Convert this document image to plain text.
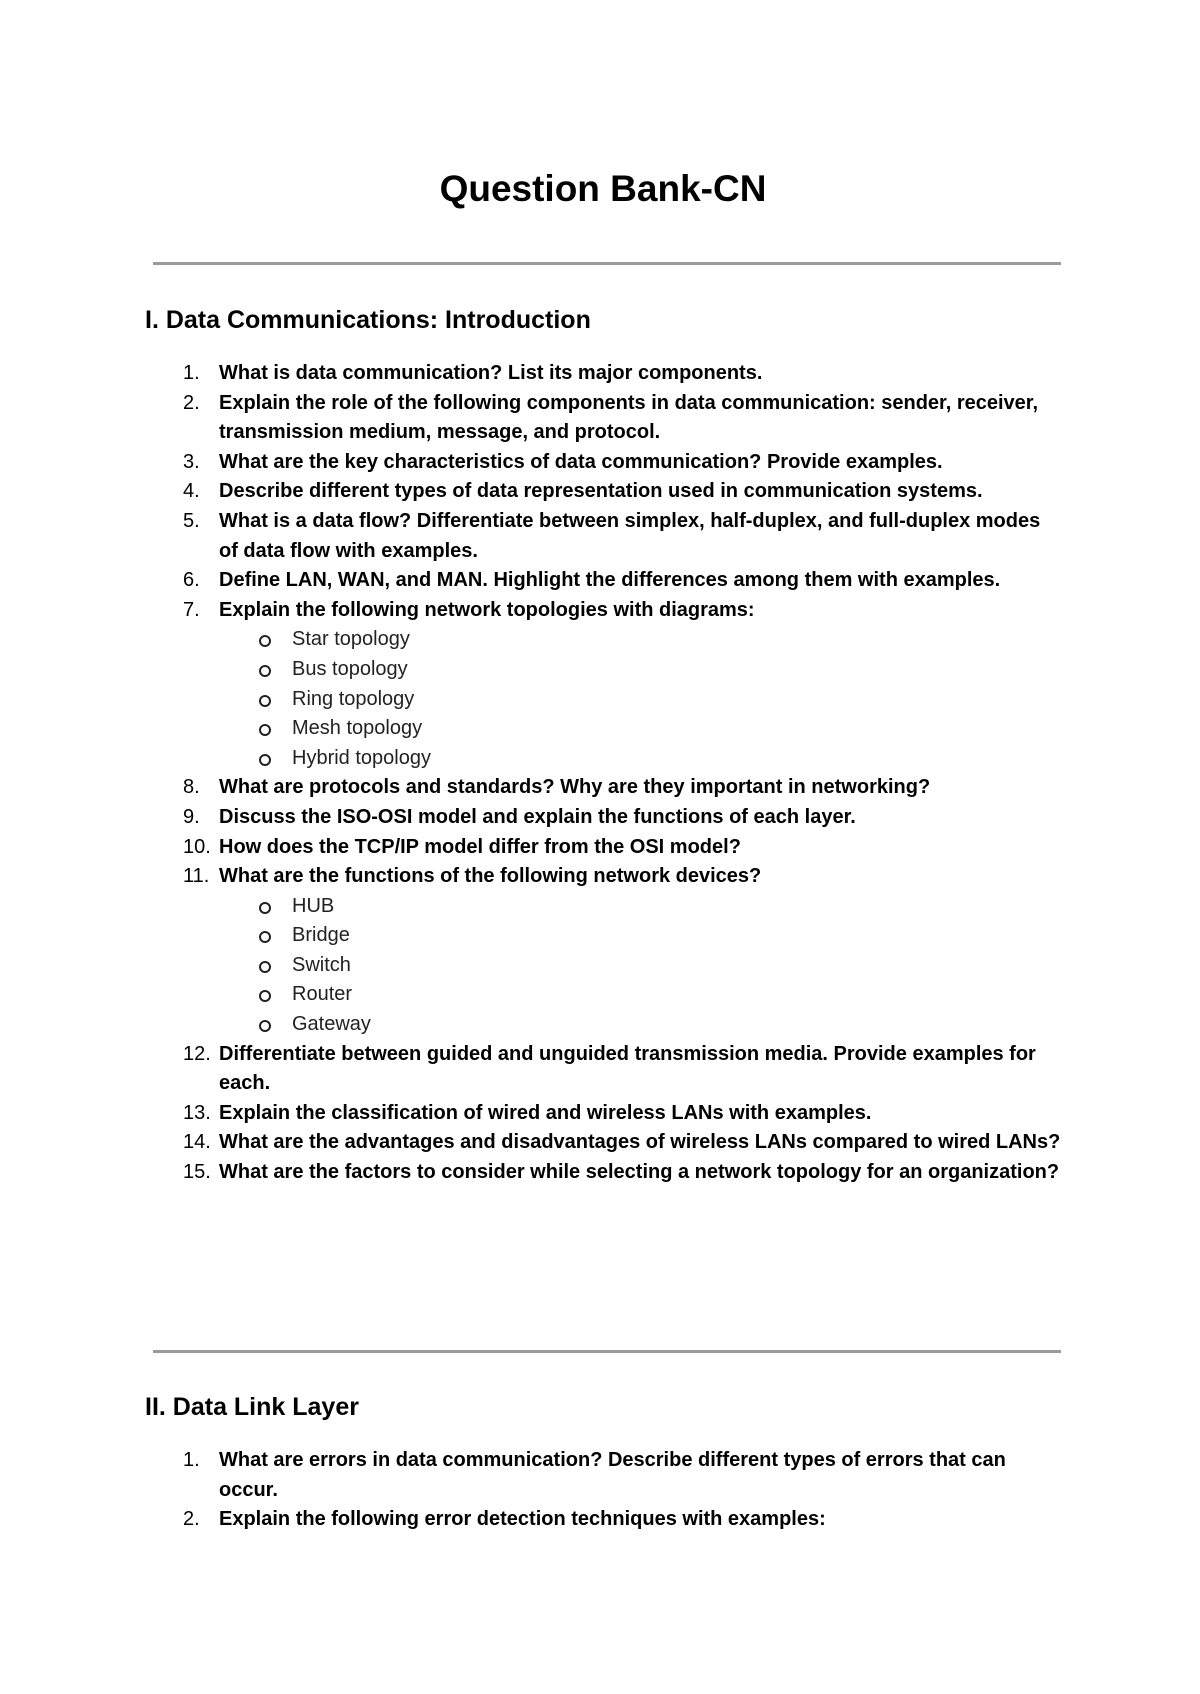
Question Bank-CN
I. Data Communications: Introduction
1. What is data communication? List its major components.
2. Explain the role of the following components in data communication: sender, receiver, transmission medium, message, and protocol.
3. What are the key characteristics of data communication? Provide examples.
4. Describe different types of data representation used in communication systems.
5. What is a data flow? Differentiate between simplex, half-duplex, and full-duplex modes of data flow with examples.
6. Define LAN, WAN, and MAN. Highlight the differences among them with examples.
7. Explain the following network topologies with diagrams:
Star topology
Bus topology
Ring topology
Mesh topology
Hybrid topology
8. What are protocols and standards? Why are they important in networking?
9. Discuss the ISO-OSI model and explain the functions of each layer.
10. How does the TCP/IP model differ from the OSI model?
11. What are the functions of the following network devices?
HUB
Bridge
Switch
Router
Gateway
12. Differentiate between guided and unguided transmission media. Provide examples for each.
13. Explain the classification of wired and wireless LANs with examples.
14. What are the advantages and disadvantages of wireless LANs compared to wired LANs?
15. What are the factors to consider while selecting a network topology for an organization?
II. Data Link Layer
1. What are errors in data communication? Describe different types of errors that can occur.
2. Explain the following error detection techniques with examples:
